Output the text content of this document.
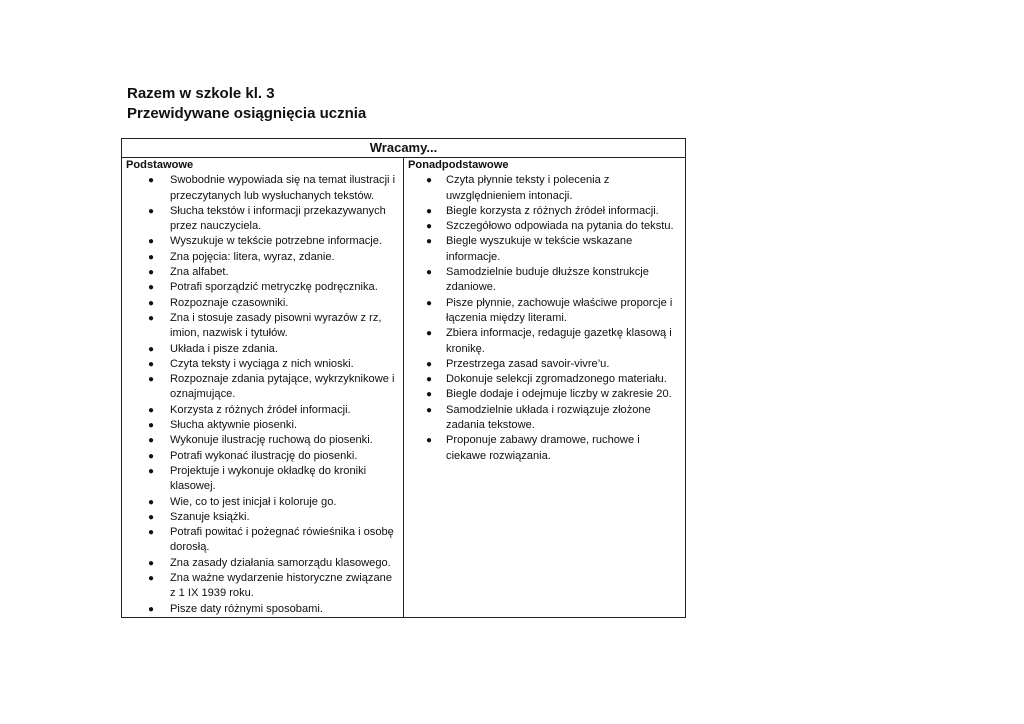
Razem w szkole kl. 3
Przewidywane osiągnięcia ucznia
Wracamy...

Podstawowe
● Swobodnie wypowiada się na temat ilustracji i przeczytanych lub wysłuchanych tekstów.
● Słucha tekstów i informacji przekazywanych przez nauczyciela.
● Wyszukuje w tekście potrzebne informacje.
● Zna pojęcia: litera, wyraz, zdanie.
● Zna alfabet.
● Potrafi sporządzić metryczkę podręcznika.
● Rozpoznaje czasowniki.
● Zna i stosuje zasady pisowni wyrazów z rz, imion, nazwisk i tytułów.
● Układa i pisze zdania.
● Czyta teksty i wyciąga z nich wnioski.
● Rozpoznaje zdania pytające, wykrzyknikowe i oznajmujące.
● Korzysta z różnych źródeł informacji.
● Słucha aktywnie piosenki.
● Wykonuje ilustrację ruchową do piosenki.
● Potrafi wykonać ilustrację do piosenki.
● Projektuje i wykonuje okładkę do kroniki klasowej.
● Wie, co to jest inicjał i koloruje go.
● Szanuje książki.
● Potrafi powitać i pożegnać rówieśnika i osobę dorosłą.
● Zna zasady działania samorządu klasowego.
● Zna ważne wydarzenie historyczne związane z 1 IX 1939 roku.
● Pisze daty różnymi sposobami.

Ponadpodstawowe
● Czyta płynnie teksty i polecenia z uwzględnieniem intonacji.
● Biegle korzysta z różnych źródeł informacji.
● Szczegółowo odpowiada na pytania do tekstu.
● Biegle wyszukuje w tekście wskazane informacje.
● Samodzielnie buduje dłuższe konstrukcje zdaniowe.
● Pisze płynnie, zachowuje właściwe proporcje i łączenia między literami.
● Zbiera informacje, redaguje gazetkę klasową i kronikę.
● Przestrzega zasad savoir-vivre’u.
● Dokonuje selekcji zgromadzonego materiału.
● Biegle dodaje i odejmuje liczby w zakresie 20.
● Samodzielnie układa i rozwiązuje złożone zadania tekstowe.
● Proponuje zabawy dramowe, ruchowe i ciekawe rozwiązania.
